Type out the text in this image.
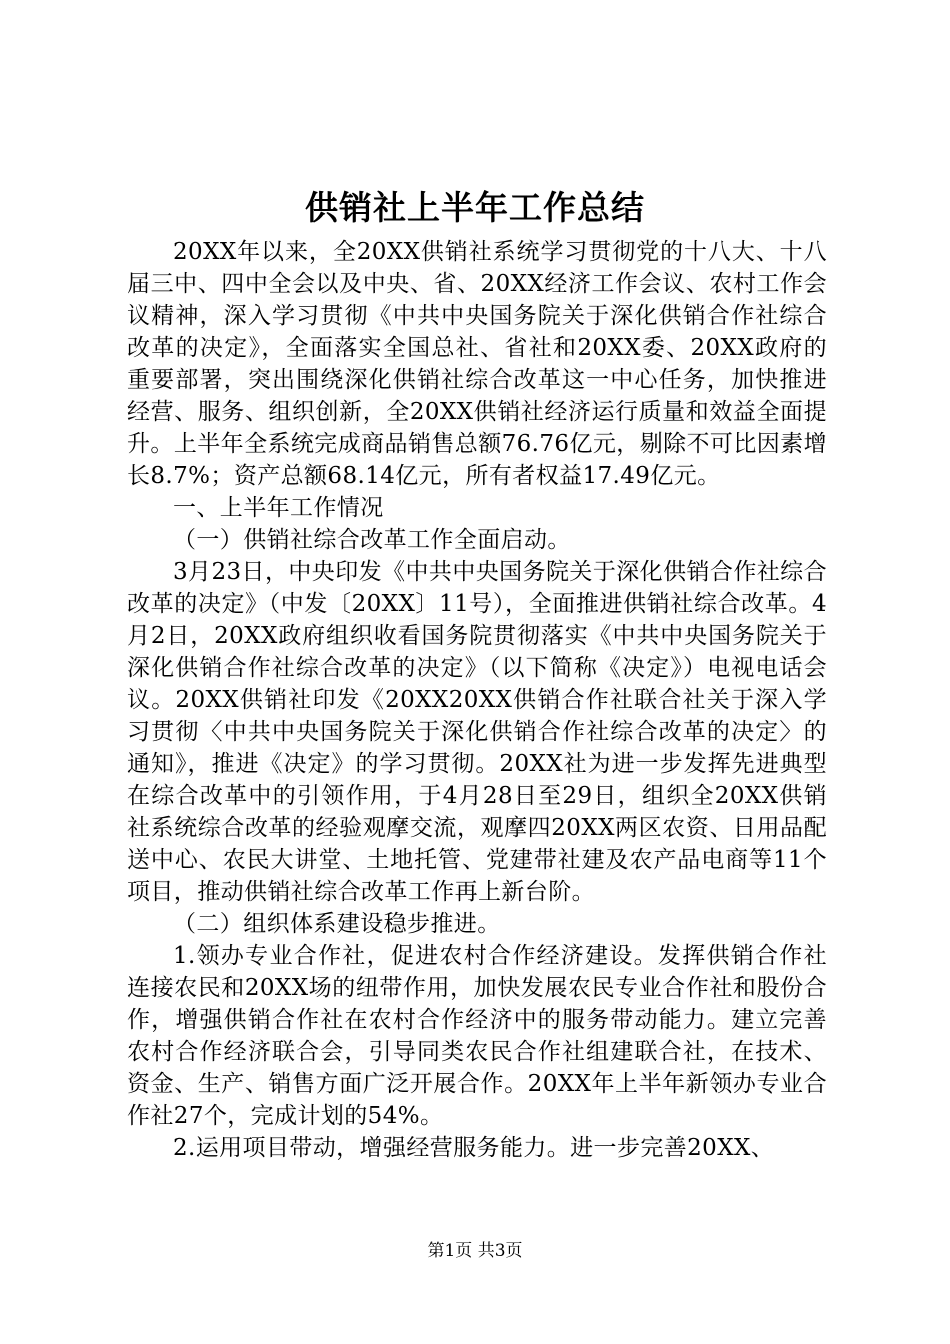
供销社上半年工作总结

20XX年以来，全20XX供销社系统学习贯彻党的十八大、十八届三中、四中全会以及中央、省、20XX经济工作会议、农村工作会议精神，深入学习贯彻《中共中央国务院关于深化供销合作社综合改革的决定》，全面落实全国总社、省社和20XX委、20XX政府的重要部署，突出围绕深化供销社综合改革这一中心任务，加快推进经营、服务、组织创新，全20XX供销社经济运行质量和效益全面提升。上半年全系统完成商品销售总额76.76亿元，剔除不可比因素增长8.7%；资产总额68.14亿元，所有者权益17.49亿元。

一、上半年工作情况

（一）供销社综合改革工作全面启动。

3月23日，中央印发《中共中央国务院关于深化供销合作社综合改革的决定》（中发〔20XX〕11号），全面推进供销社综合改革。4月2日，20XX政府组织收看国务院贯彻落实《中共中央国务院关于深化供销合作社综合改革的决定》（以下简称《决定》）电视电话会议。20XX供销社印发《20XX20XX供销合作社联合社关于深入学习贯彻〈中共中央国务院关于深化供销合作社综合改革的决定〉的通知》，推进《决定》的学习贯彻。20XX社为进一步发挥先进典型在综合改革中的引领作用，于4月28日至29日，组织全20XX供销社系统综合改革的经验观摩交流，观摩四20XX两区农资、日用品配送中心、农民大讲堂、土地托管、党建带社建及农产品电商等11个项目，推动供销社综合改革工作再上新台阶。

（二）组织体系建设稳步推进。

1.领办专业合作社，促进农村合作经济建设。发挥供销合作社连接农民和20XX场的纽带作用，加快发展农民专业合作社和股份合作，增强供销合作社在农村合作经济中的服务带动能力。建立完善农村合作经济联合会，引导同类农民合作社组建联合社，在技术、资金、生产、销售方面广泛开展合作。20XX年上半年新领办专业合作社27个，完成计划的54%。

2.运用项目带动，增强经营服务能力。进一步完善20XX、

第1页 共3页
